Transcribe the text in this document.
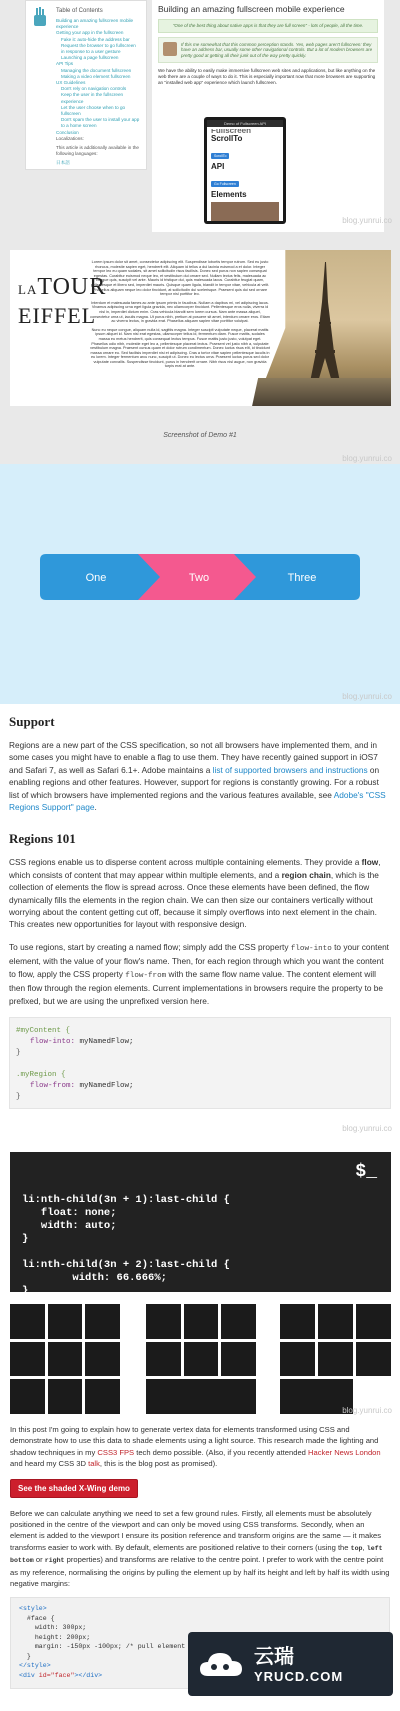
Table of Contents
Building an amazing fullscreen mobile experience
Getting your app in the fullscreen
Fake it: auto-hide the address bar
Request the browser to go fullscreen in response to a user gesture
Launching a page fullscreen
API Tips
Managing the document fullscreen
Making a video element fullscreen
UX Guidelines
Don't rely on navigation controls
Keep the user in the fullscreen experience
Let the user choose when to go fullscreen
Don't spam the user to install your app to a home screen
Conclusion
Localizations:
This article is additionally available in the following languages:
日本語
Building an amazing fullscreen mobile experience
"One of the best thing about native apps is that they are full screen" - lots of people, all the time.

If this me somewhat that this common perception stands. Yes, web pages aren't fullscreen: they have an address bar, usually some other navigational controls. But a lot of modern browsers are pretty good at getting all their junk out of the way pretty quickly.

We have the ability to easily make immersive fullscreen web sites and applications, but like anything on the web there are a couple of ways to do it. This is especially important now that more browsers are supporting an "installed web app" experience which launch fullscreen.
Demo of Fullscreen API
Fullscreen
ScrollTo
ScrollTo
API
Go Fullscreen
Elements
blog.yunrui.co
LATOUR
EIFFEL

Lorem ipsum dolor sit amet, consectetur adipiscing elit. Suspendisse lobortis tempor rutrum. Sed eu justo rhoncus, molestie sapien eget, hendrerit elit. Aliquam id tellus a dui lacinia euismod a et dolor. Integer tempor leo eu quam sodales, sit amet sollicitudin risus facilisis. Donec sed purus non sapien consequat egestas. Curabitur euismod neque leo, et vestibulum dui ornare sed. Nullam lectus felis, malesuada ac congue quis, suscipit vel ante. Mauris id tristique dui, quis malesuada lacus. Curabitur feugiat quam, pellentesque et libero sed, imperdiet mauris. Quisque quam ligula, blandit in tempor vitae, vehicula at velit. Phasellus aliquam neque leo dolor tincidunt, at sollicitudin dui scelerisque. Praesent quis dui sed ornare tempor nisl porttitor leo.

Interdum et malesuada fames ac ante ipsum primis in faucibus. Nullam a dapibus mi, vel adipiscing lacus. Vivamus adipiscing urna eget ligula gravida, nec ullamcorper tincidunt. Pellentesque eros nulla, viverra id nisl in, imperdiet dictum enim. Cras vehicula blandit sem lorem cursus. Nam ante massa aliquet, consectetur urna ut, iaculis magna. Ut purus nibh, pretium at posuere sit amet, interdum ornare eros. Etiam ac viverra lectus, in gravida erat. Phasellus aliquam sapien vitae porttitor volutpat.

Nunc eu neque congue, aliquam nulla id, sagittis magna. Integer suscipit vulputate neque, placerat mattis ipsum aliquet id. Nam nisl erat egestas, ullamcorper tellus id, fermentum diam. Fusce mattis, sodales massa eu metus hendrerit, quis consequat lectus tempus. Fusce mattis justo justo, volutpat eget. Phasellus odio nibh, molestie eget leo a, pellentesque placerat lectus. Praesent vel justo nibh a, vulputate vestibulum magna. Praesent cursus quam et dolor rutrum condimentum. Donec luctus risus elit, id tincidunt massa ornare eu. Sed facilisis imperdiet nisi et adipiscing. Cras a tortor vitae sapien pellentesque iaculis in eu lorem. Integer fermentum arcu nunc, suscipit ut. Donec eu lectus urna. Praesent luctus purus sed dolor vulputate convallis. Suspendisse tincidunt, purus in hendrerit ornare. Nibh risus nisl augue, non gravida turpis erat at ante.

Screenshot of Demo #1
blog.yunrui.co
One	Two	Three
blog.yunrui.co
Support

Regions are a new part of the CSS specification, so not all browsers have implemented them, and in some cases you might have to enable a flag to use them. They have recently gained support in iOS7 and Safari 7, as well as Safari 6.1+. Adobe maintains a list of supported browsers and instructions on enabling regions and other features. However, support for regions is constantly growing. For a robust list of which browsers have implemented regions and the various features available, see Adobe's "CSS Regions Support" page.

Regions 101

CSS regions enable us to disperse content across multiple containing elements. They provide a flow, which consists of content that may appear within multiple elements, and a region chain, which is the collection of elements the flow is spread across. Once these elements have been defined, the flow dynamically fills the elements in the region chain. We can then size our containers vertically without worrying about the content getting cut off, because it simply overflows into next element in the chain. This creates new opportunities for layout with responsive design.

To use regions, start by creating a named flow; simply add the CSS property flow-into to your content element, with the value of your flow's name. Then, for each region through which you want the content to flow, apply the CSS property flow-from with the same flow name value. The content element will then flow through the region elements. Current implementations in browsers require the property to be prefixed, but we are using the unprefixed version here.

#myContent {
flow-into: myNamedFlow;
}
.myRegion {
flow-from: myNamedFlow;
}
blog.yunrui.co
$_
li:nth-child(3n + 1):last-child {
float: none;
width: auto;
}

li:nth-child(3n + 2):last-child {
width: 66.666%;
}
blog.yunrui.co

In this post I'm going to explain how to generate vertex data for elements transformed using CSS and demonstrate how to use this data to shade elements using a light source. This research made the lighting and shadow techniques in my CSS3 FPS tech demo possible. (Also, if you recently attended Hacker News London and heard my CSS 3D talk, this is the blog post as promised).

See the shaded X-Wing demo

Before we can calculate anything we need to set a few ground rules. Firstly, all elements must be absolutely positioned in the centre of the viewport and can only be moved using CSS transforms. Secondly, when an element is added to the viewport I ensure its position reference and transform origins are the same — it makes transforms easier to work with. By default, elements are positioned relative to their corners (using the top, left bottom or right properties) and transforms are relative to the centre point. I prefer to work with the centre point as my reference, normalising the origins by pulling the element up by half its height and left by half its width using negative margins:

<style>
#face {
width: 300px;
height: 200px;
margin: -150px -100px; /* pull element
}
</style>
<div id="face"></div>
云瑞
YRUCD.COM
